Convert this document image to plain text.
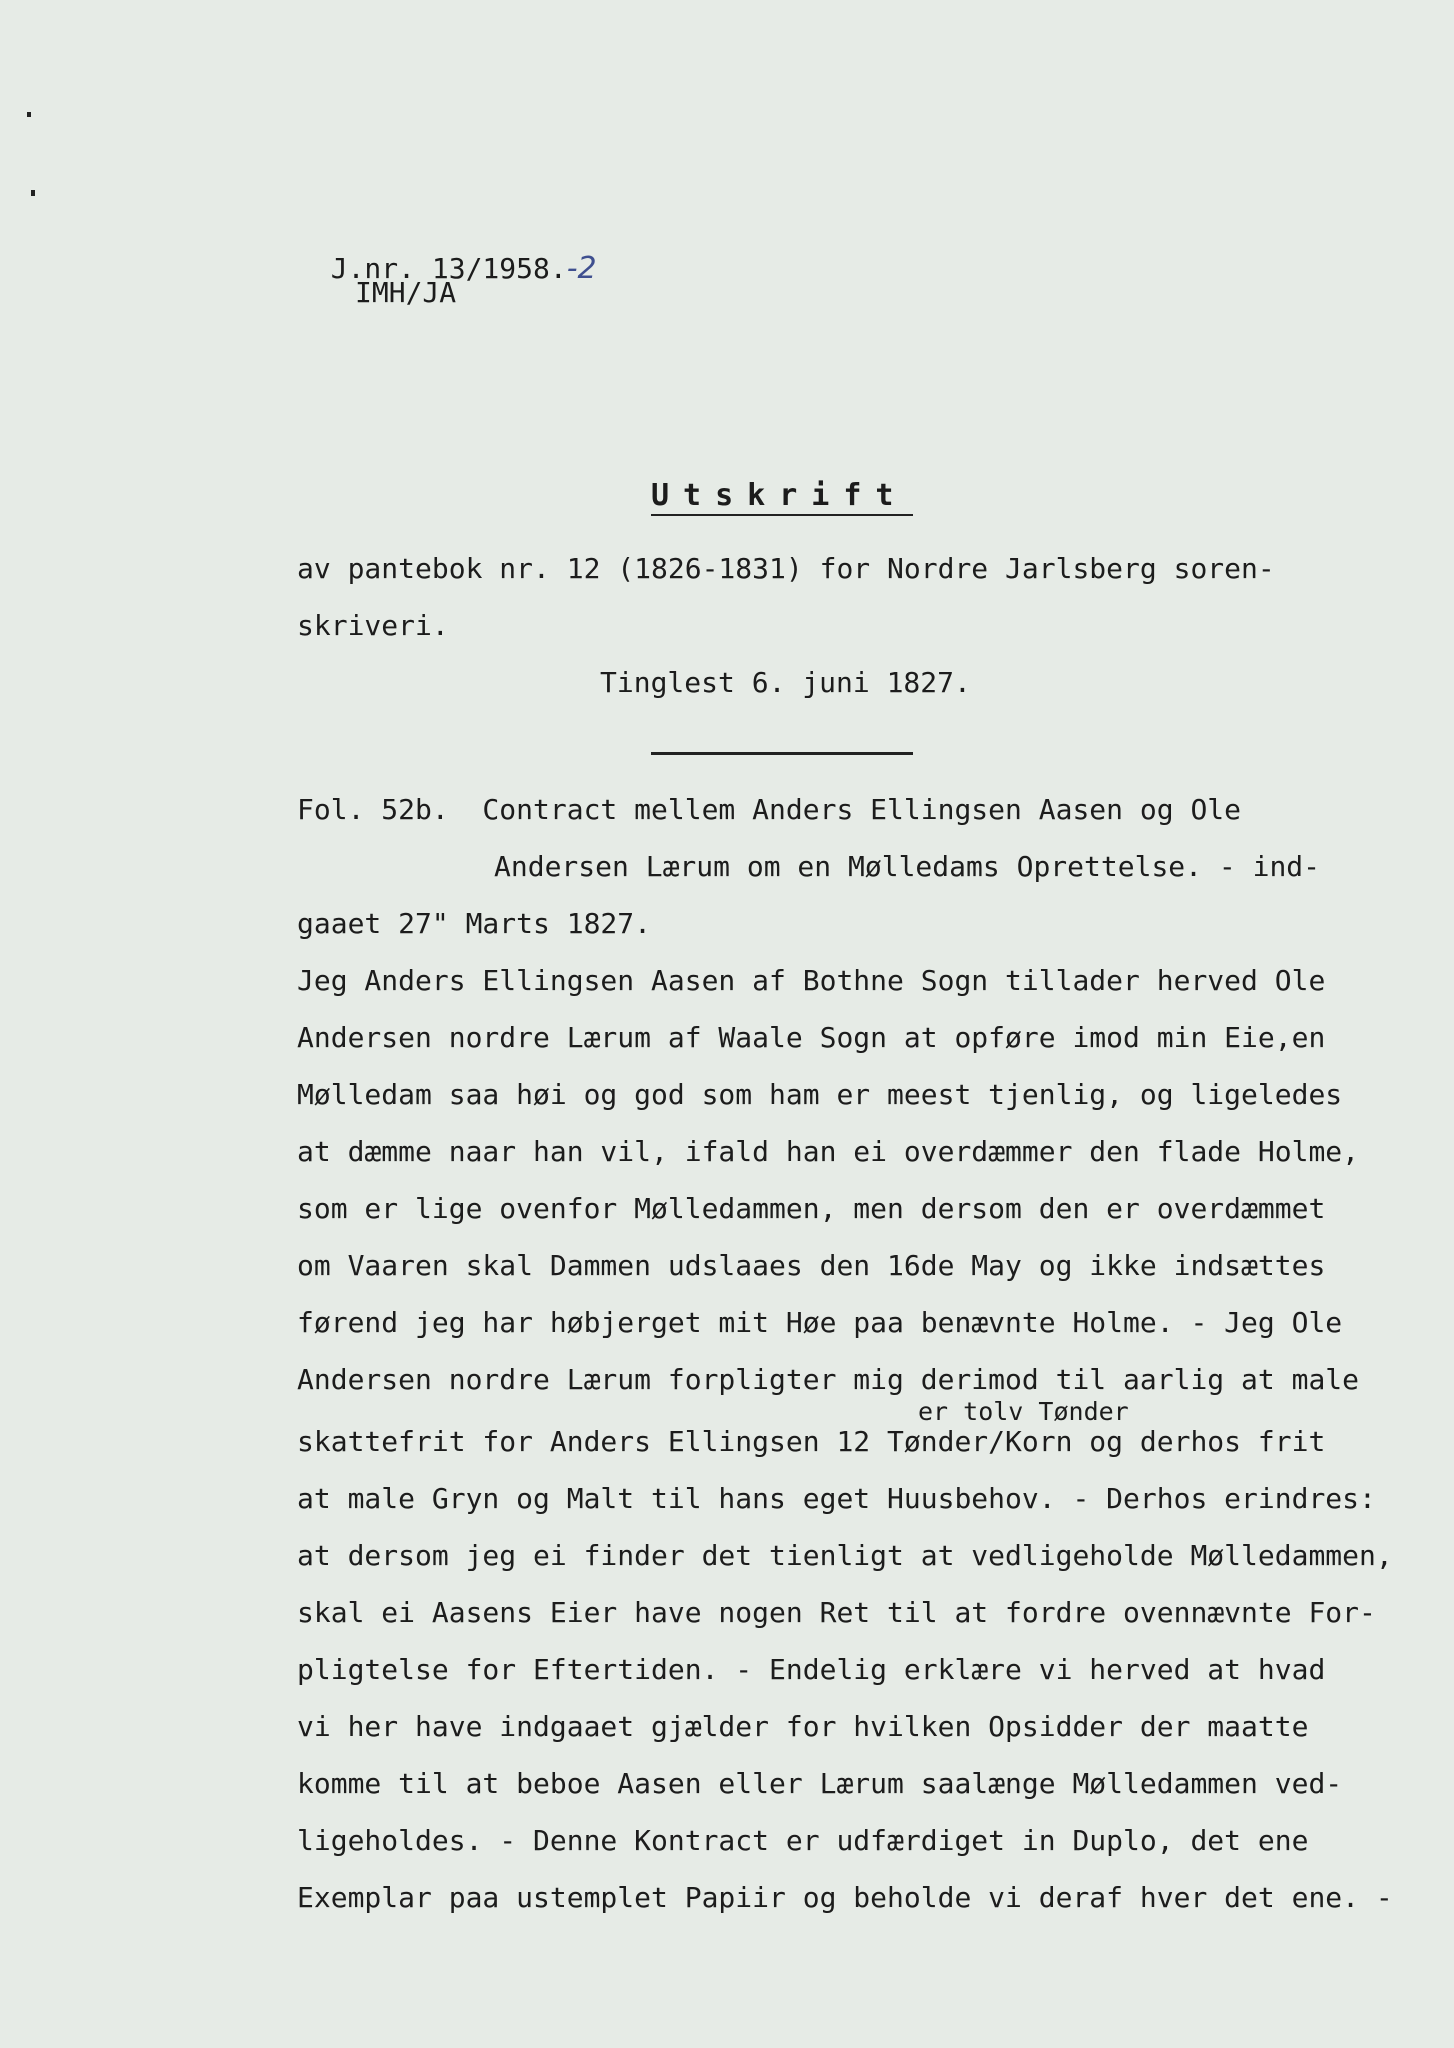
J.nr. 13/1958.-2

IMH/JA
Utskrift
av pantebok nr. 12 (1826-1831) for Nordre Jarlsberg soren-
skriveri.
Tinglest 6. juni 1827.
Fol. 52b.  Contract mellem Anders Ellingsen Aasen og Ole
Andersen Lærum om en Mølledams Oprettelse. - ind-
gaaet 27" Marts 1827.
Jeg Anders Ellingsen Aasen af Bothne Sogn tillader herved Ole
Andersen nordre Lærum af Waale Sogn at opføre imod min Eie,en
Mølledam saa høi og god som ham er meest tjenlig, og ligeledes
at dæmme naar han vil, ifald han ei overdæmmer den flade Holme,
som er lige ovenfor Mølledammen, men dersom den er overdæmmet
om Vaaren skal Dammen udslaaes den 16de May og ikke indsættes
førend jeg har høbjerget mit Høe paa benævnte Holme. - Jeg Ole
Andersen nordre Lærum forpligter mig derimod til aarlig at male
er tolv Tønder
skattefrit for Anders Ellingsen 12 Tønder/Korn og derhos frit
at male Gryn og Malt til hans eget Huusbehov. - Derhos erindres:
at dersom jeg ei finder det tienligt at vedligeholde Mølledammen,
skal ei Aasens Eier have nogen Ret til at fordre ovennævnte For-
pligtelse for Eftertiden. - Endelig erklære vi herved at hvad
vi her have indgaaet gjælder for hvilken Opsidder der maatte
komme til at beboe Aasen eller Lærum saalænge Mølledammen ved-
ligeholdes. - Denne Kontract er udfærdiget in Duplo, det ene
Exemplar paa ustemplet Papiir og beholde vi deraf hver det ene. -
